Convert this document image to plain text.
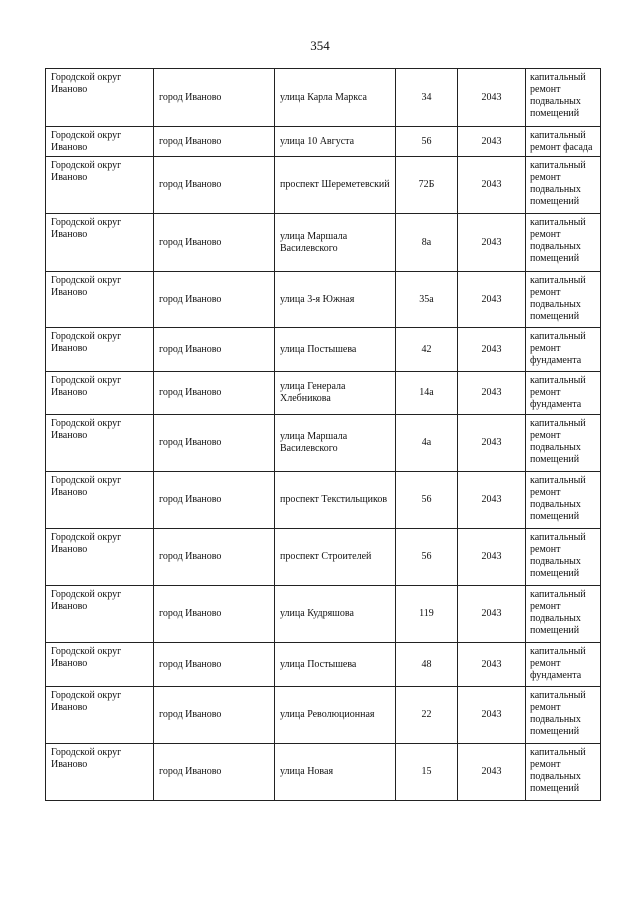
354
Городской округ Иваново	город Иваново	улица Карла Маркса	34	2043	капитальный ремонт подвальных помещений
Городской округ Иваново	город Иваново	улица 10 Августа	56	2043	капитальный ремонт фасада
Городской округ Иваново	город Иваново	проспект Шереметевский	72Б	2043	капитальный ремонт подвальных помещений
Городской округ Иваново	город Иваново	улица Маршала Василевского	8а	2043	капитальный ремонт подвальных помещений
Городской округ Иваново	город Иваново	улица 3-я Южная	35а	2043	капитальный ремонт подвальных помещений
Городской округ Иваново	город Иваново	улица Постышева	42	2043	капитальный ремонт фундамента
Городской округ Иваново	город Иваново	улица Генерала Хлебникова	14а	2043	капитальный ремонт фундамента
Городской округ Иваново	город Иваново	улица Маршала Василевского	4а	2043	капитальный ремонт подвальных помещений
Городской округ Иваново	город Иваново	проспект Текстильщиков	56	2043	капитальный ремонт подвальных помещений
Городской округ Иваново	город Иваново	проспект Строителей	56	2043	капитальный ремонт подвальных помещений
Городской округ Иваново	город Иваново	улица Кудряшова	119	2043	капитальный ремонт подвальных помещений
Городской округ Иваново	город Иваново	улица Постышева	48	2043	капитальный ремонт фундамента
Городской округ Иваново	город Иваново	улица Революционная	22	2043	капитальный ремонт подвальных помещений
Городской округ Иваново	город Иваново	улица Новая	15	2043	капитальный ремонт подвальных помещений
